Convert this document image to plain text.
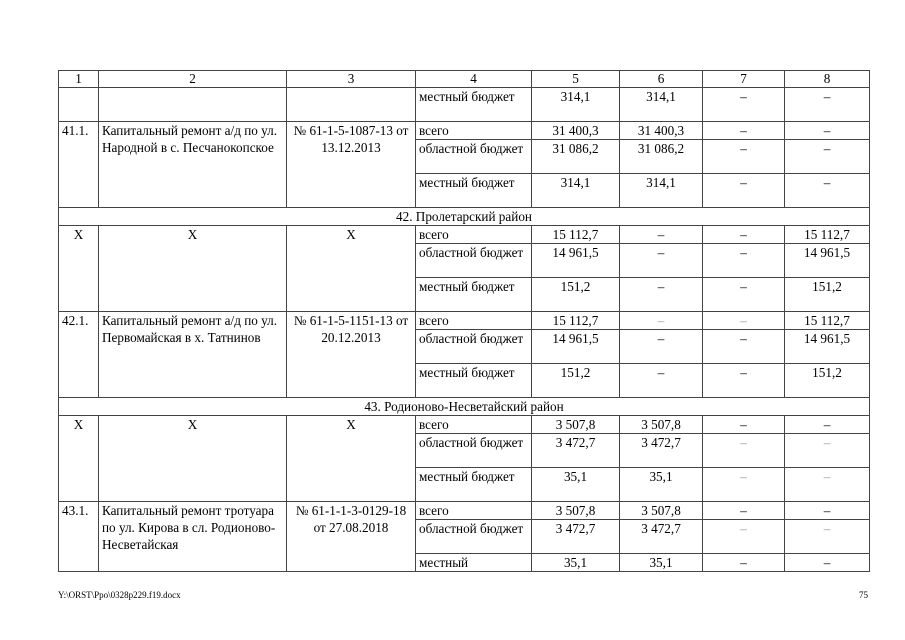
1	2	3	4	5	6	7	8
			местный бюджет	314,1	314,1	–	–
41.1.	Капитальный ремонт а/д по ул. Народной в с. Песчанокопское	№ 61-1-5-1087-13 от 13.12.2013	всего	31 400,3	31 400,3	–	–
			областной бюджет	31 086,2	31 086,2	–	–
			местный бюджет	314,1	314,1	–	–
42. Пролетарский район							
Х	Х	Х	всего	15 112,7	–	–	15 112,7
			областной бюджет	14 961,5	–	–	14 961,5
			местный бюджет	151,2	–	–	151,2
42.1.	Капитальный ремонт а/д по ул. Первомайская в х. Татнинов	№ 61-1-5-1151-13 от 20.12.2013	всего	15 112,7	–	–	15 112,7
			областной бюджет	14 961,5	–	–	14 961,5
			местный бюджет	151,2	–	–	151,2
43. Родионово-Несветайский район							
Х	Х	Х	всего	3 507,8	3 507,8	–	–
			областной бюджет	3 472,7	3 472,7	–	–
			местный бюджет	35,1	35,1	–	–
43.1.	Капитальный ремонт тротуара по ул. Кирова в сл. Родионово-Несветайская	№ 61-1-1-3-0129-18 от 27.08.2018	всего	3 507,8	3 507,8	–	–
			областной бюджет	3 472,7	3 472,7	–	–
			местный	35,1	35,1	–	–
Y:\ORST\Ppo\0328p229.f19.docx	75
